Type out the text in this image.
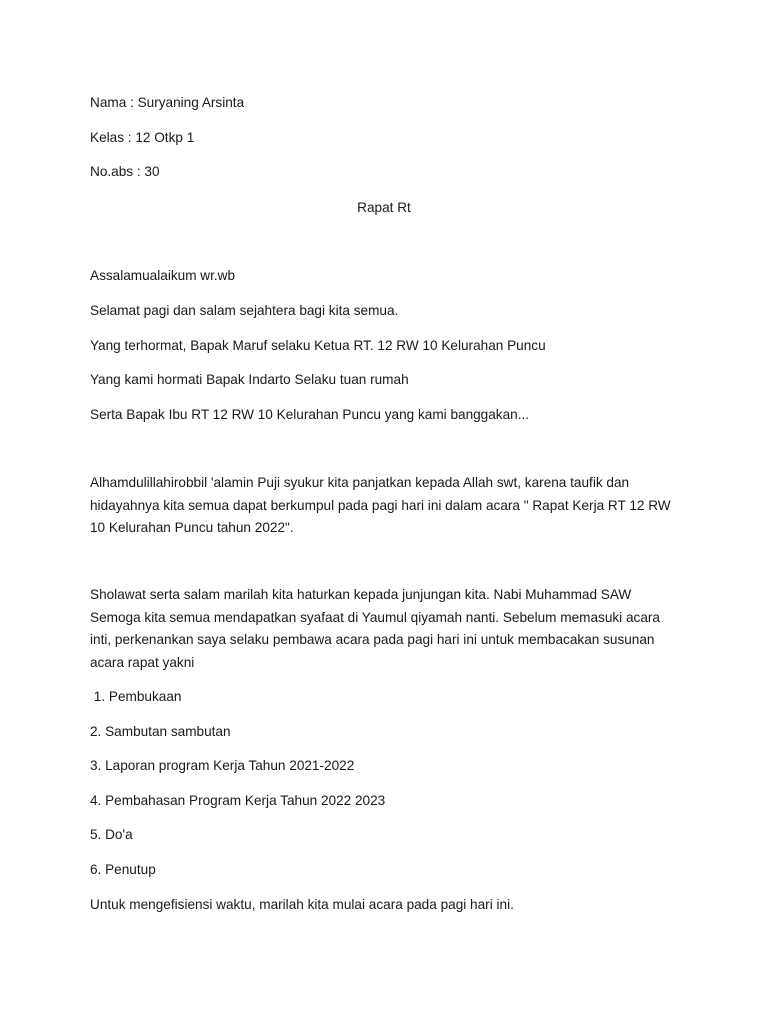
Nama : Suryaning Arsinta

Kelas : 12 Otkp 1

No.abs : 30

Rapat Rt

Assalamualaikum wr.wb

Selamat pagi dan salam sejahtera bagi kita semua.

Yang terhormat, Bapak Maruf selaku Ketua RT. 12 RW 10 Kelurahan Puncu

Yang kami hormati Bapak Indarto Selaku tuan rumah

Serta Bapak Ibu RT 12 RW 10 Kelurahan Puncu yang kami banggakan...

Alhamdulillahirobbil 'alamin Puji syukur kita panjatkan kepada Allah swt, karena taufik dan
hidayahnya kita semua dapat berkumpul pada pagi hari ini dalam acara " Rapat Kerja RT 12 RW
10 Kelurahan Puncu tahun 2022".
Sholawat serta salam marilah kita haturkan kepada junjungan kita. Nabi Muhammad SAW
Semoga kita semua mendapatkan syafaat di Yaumul qiyamah nanti. Sebelum memasuki acara
inti, perkenankan saya selaku pembawa acara pada pagi hari ini untuk membacakan susunan
acara rapat yakni

1. Pembukaan

2. Sambutan sambutan

3. Laporan program Kerja Tahun 2021-2022

4. Pembahasan Program Kerja Tahun 2022 2023

5. Do'a

6. Penutup

Untuk mengefisiensi waktu, marilah kita mulai acara pada pagi hari ini.
